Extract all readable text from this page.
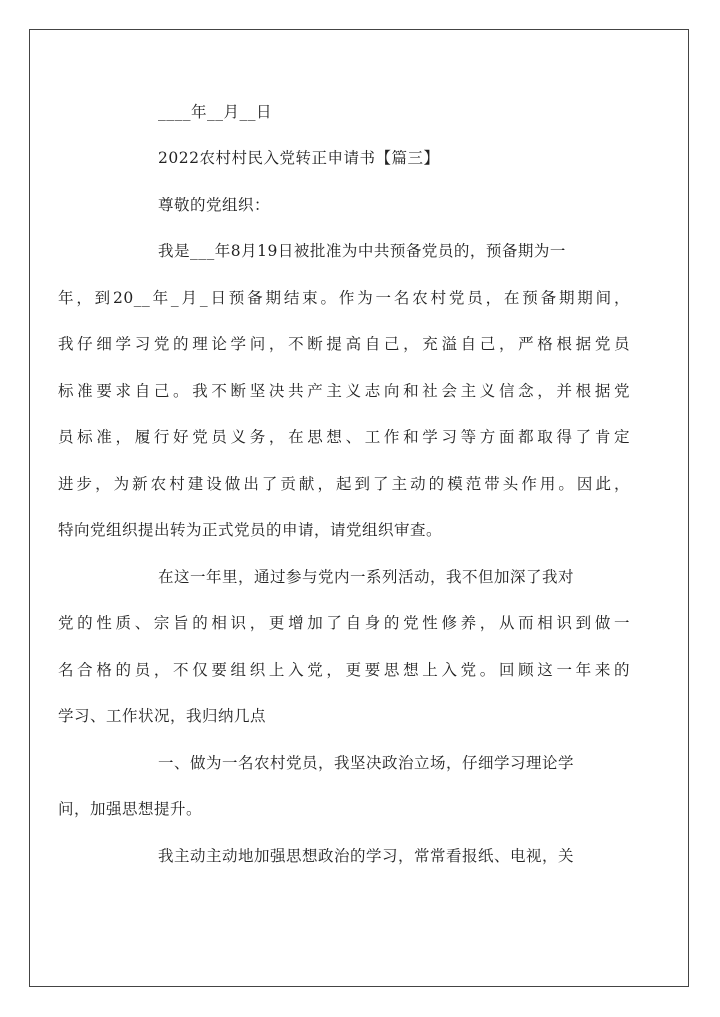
____年__月__日
2022农村村民入党转正申请书【篇三】
尊敬的党组织：
我是___年8月19日被批准为中共预备党员的，预备期为一
年，到20__年_月_日预备期结束。作为一名农村党员，在预备期期间，
我仔细学习党的理论学问，不断提高自己，充溢自己，严格根据党员
标准要求自己。我不断坚决共产主义志向和社会主义信念，并根据党
员标准，履行好党员义务，在思想、工作和学习等方面都取得了肯定
进步，为新农村建设做出了贡献，起到了主动的模范带头作用。因此，
特向党组织提出转为正式党员的申请，请党组织审查。
在这一年里，通过参与党内一系列活动，我不但加深了我对
党的性质、宗旨的相识，更增加了自身的党性修养，从而相识到做一
名合格的员，不仅要组织上入党，更要思想上入党。回顾这一年来的
学习、工作状况，我归纳几点
一、做为一名农村党员，我坚决政治立场，仔细学习理论学
问，加强思想提升。
我主动主动地加强思想政治的学习，常常看报纸、电视，关
